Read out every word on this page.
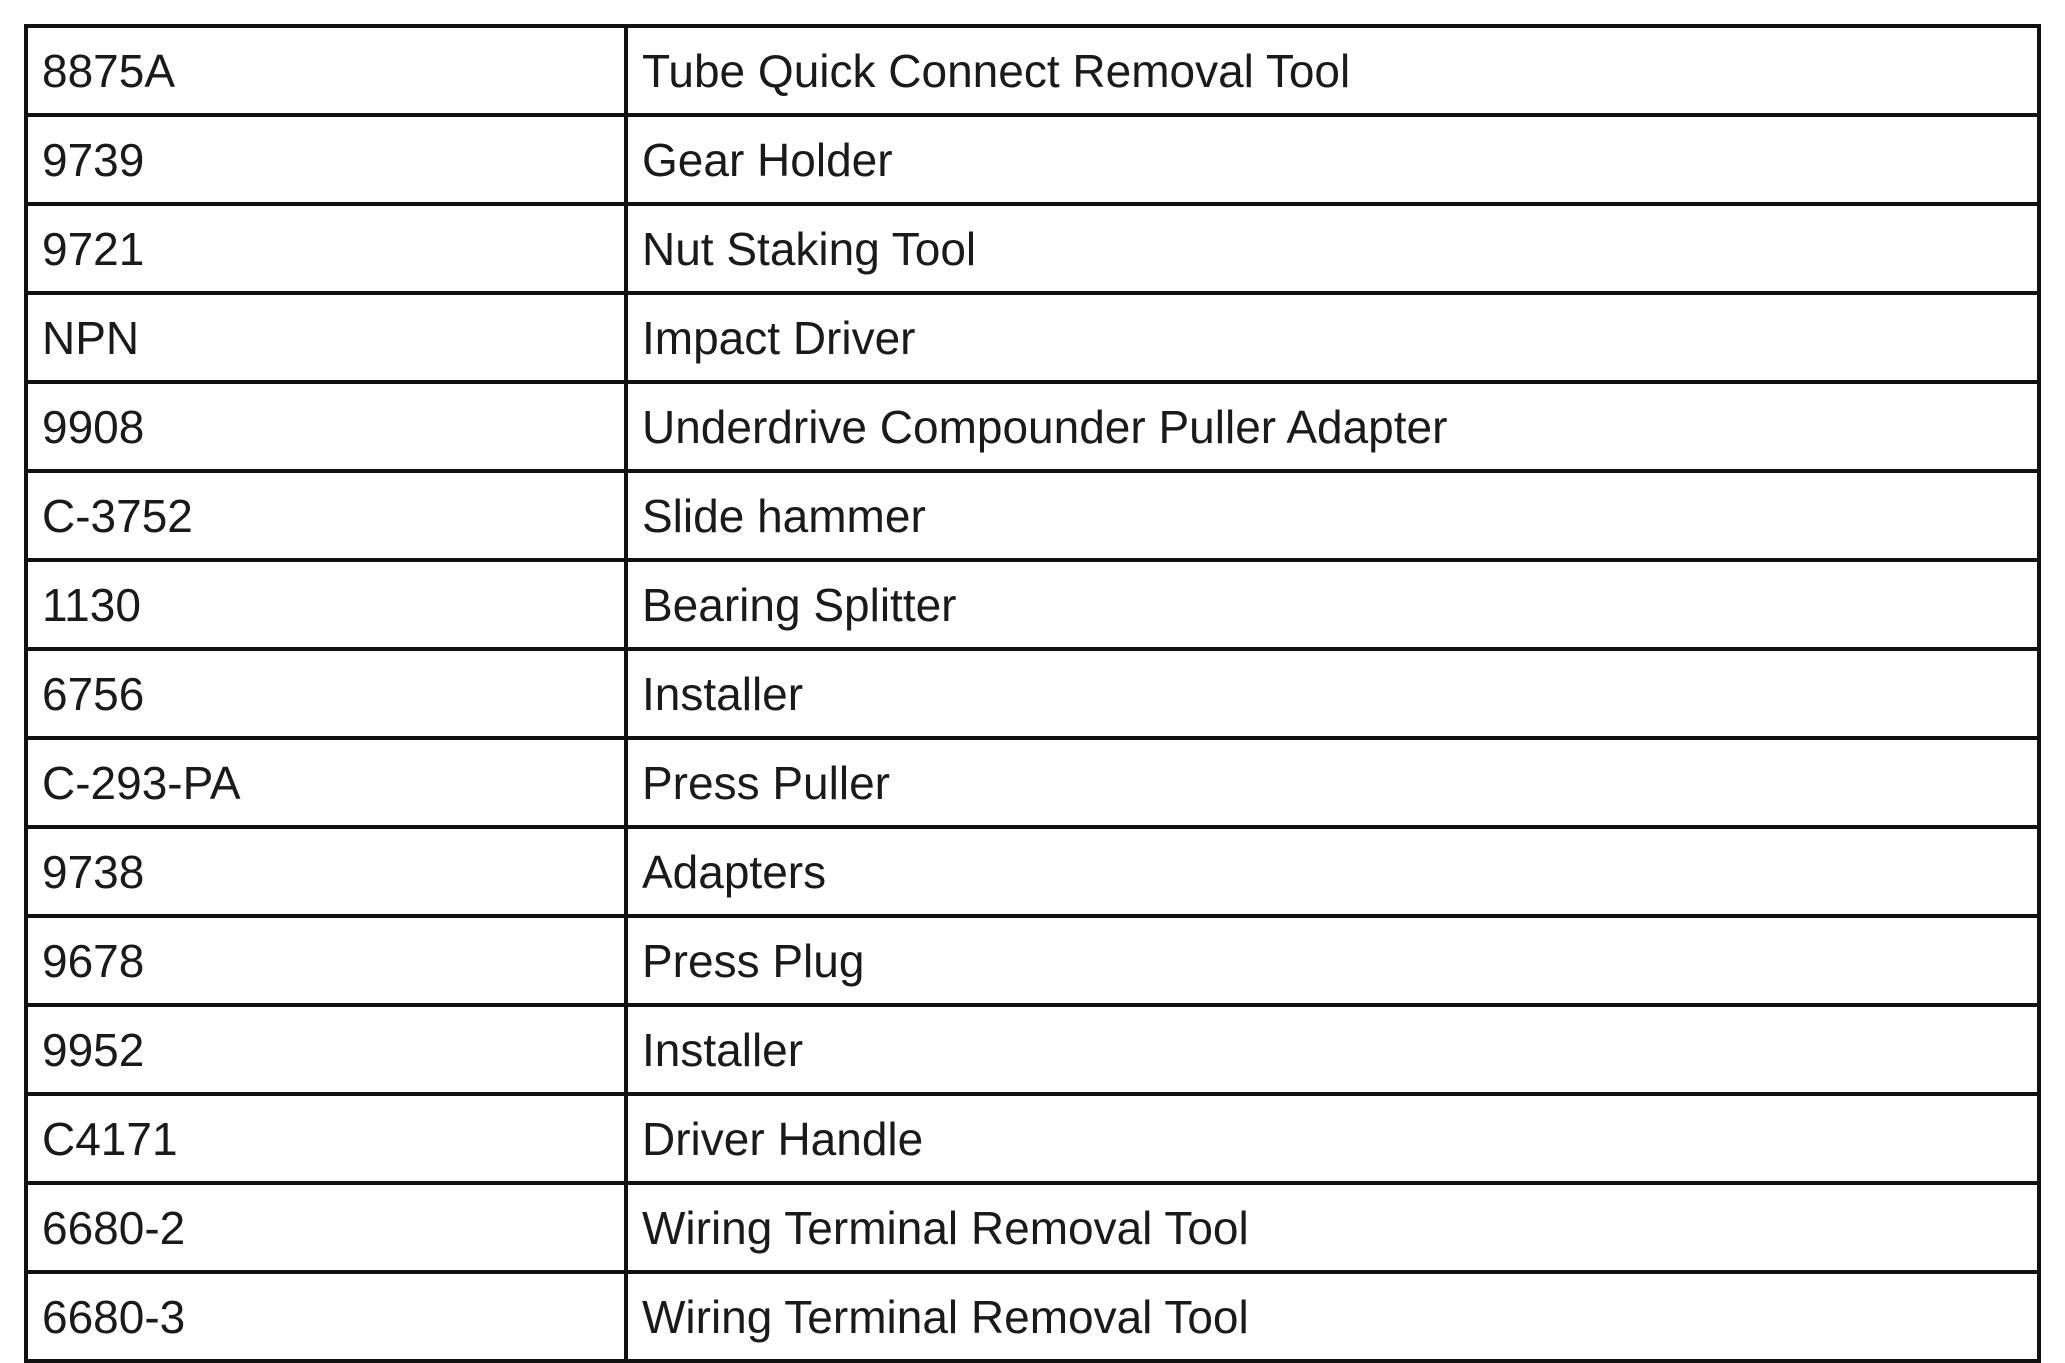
8875A	Tube Quick Connect Removal Tool
9739	Gear Holder
9721	Nut Staking Tool
NPN	Impact Driver
9908	Underdrive Compounder Puller Adapter
C-3752	Slide hammer
1130	Bearing Splitter
6756	Installer
C-293-PA	Press Puller
9738	Adapters
9678	Press Plug
9952	Installer
C4171	Driver Handle
6680-2	Wiring Terminal Removal Tool
6680-3	Wiring Terminal Removal Tool
